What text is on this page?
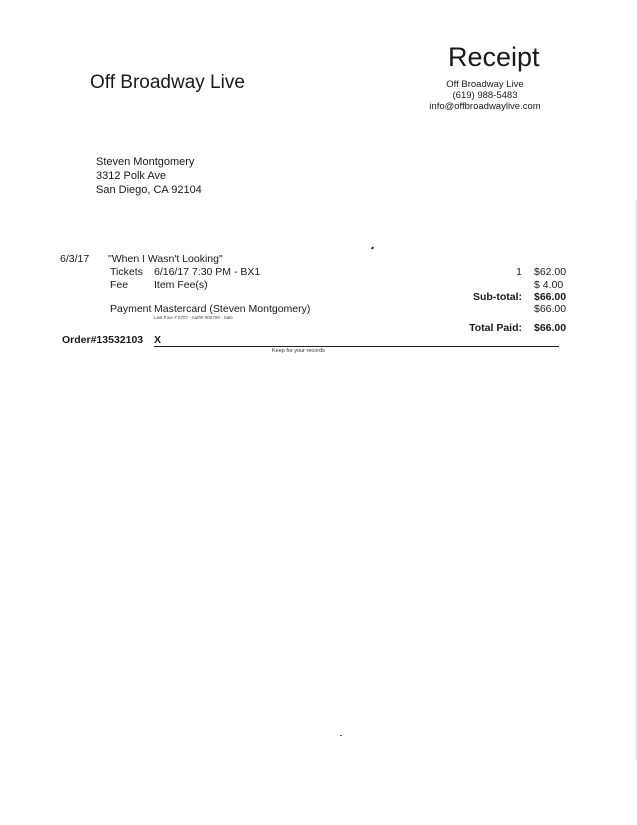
Off Broadway Live
Receipt
Off Broadway Live
(619) 988-5483
info@offbroadwaylive.com
Steven Montgomery
3312 Polk Ave
San Diego, CA 92104
6/3/17 "When I Wasn't Looking"
Tickets 6/16/17 7:30 PM - BX1	1 $62.00
Fee Item Fee(s)	$ 4.00
Sub-total: $66.00
Payment Mastercard (Steven Montgomery)
Last Four # 5707 - Auth# 000709 - Sale
$66.00
Total Paid: $66.00
Order#13532103 X
Keep for your records
